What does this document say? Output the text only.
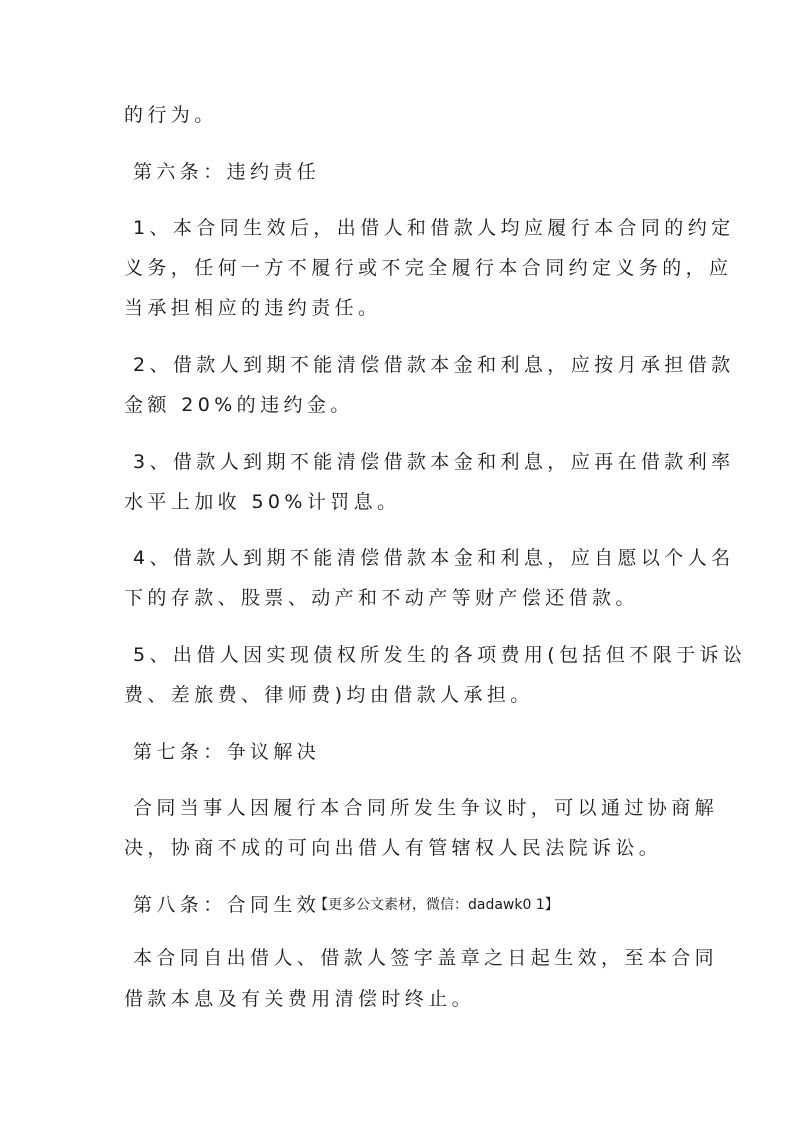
的行为。
第六条：违约责任
1、本合同生效后，出借人和借款人均应履行本合同的约定
义务，任何一方不履行或不完全履行本合同约定义务的，应
当承担相应的违约责任。
2、借款人到期不能清偿借款本金和利息，应按月承担借款
金额 20%的违约金。
3、借款人到期不能清偿借款本金和利息，应再在借款利率
水平上加收 50%计罚息。
4、借款人到期不能清偿借款本金和利息，应自愿以个人名
下的存款、股票、动产和不动产等财产偿还借款。
5、出借人因实现债权所发生的各项费用(包括但不限于诉讼
费、差旅费、律师费)均由借款人承担。
第七条：争议解决
合同当事人因履行本合同所发生争议时，可以通过协商解
决，协商不成的可向出借人有管辖权人民法院诉讼。
第八条：合同生效
【更多公文素材，微信：dadawk0 1】
本合同自出借人、借款人签字盖章之日起生效，至本合同
借款本息及有关费用清偿时终止。
